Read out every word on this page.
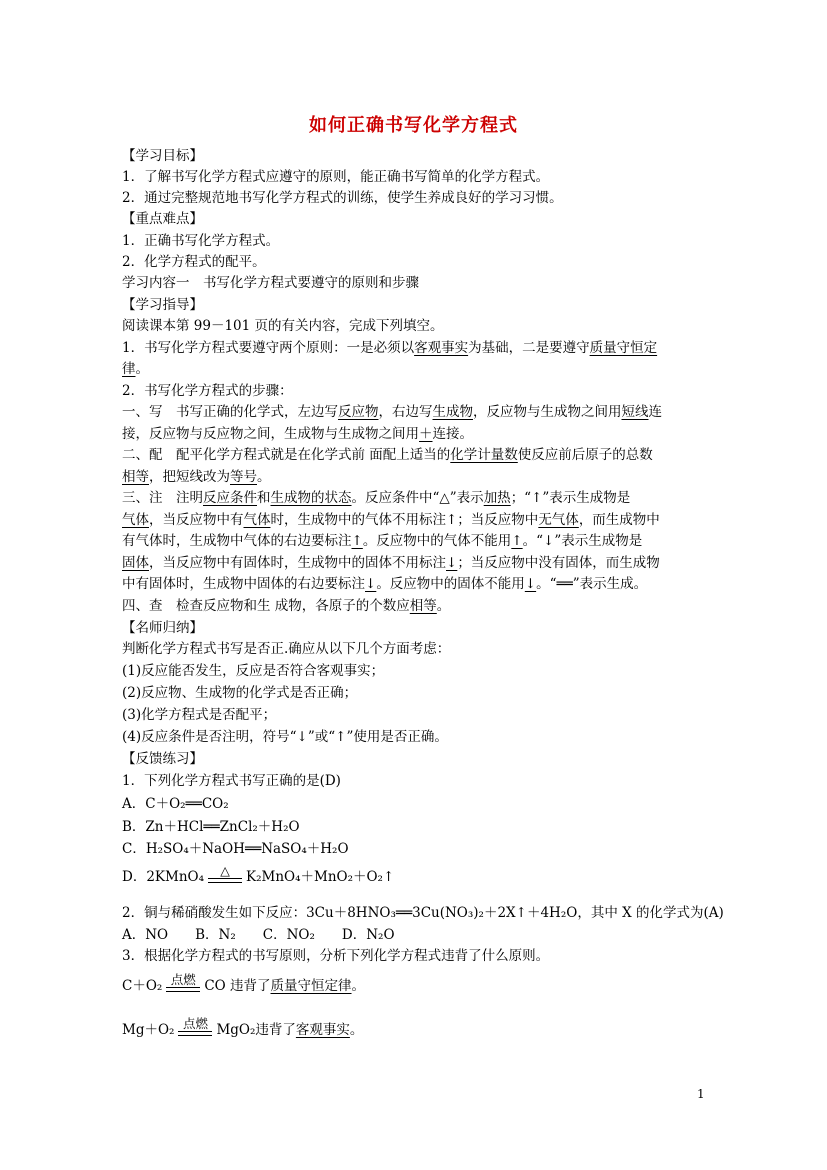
如何正确书写化学方程式
【学习目标】
1．了解书写化学方程式应遵守的原则，能正确书写简单的化学方程式。
2．通过完整规范地书写化学方程式的训练，使学生养成良好的学习习惯。
【重点难点】
1．正确书写化学方程式。
2．化学方程式的配平。
学习内容一　书写化学方程式要遵守的原则和步骤
【学习指导】
阅读课本第 99－101 页的有关内容，完成下列填空。
1．书写化学方程式要遵守两个原则：一是必须以客观事实为基础，二是要遵守质量守恒定
律。
2．书写化学方程式的步骤：
一、写　书写正确的化学式，左边写反应物，右边写生成物，反应物与生成物之间用短线连
接，反应物与反应物之间，生成物与生成物之间用＋连接。
二、配　配平化学方程式就是在化学式前 面配上适当的化学计量数使反应前后原子的总数
相等，把短线改为等号。
三、注　注明反应条件和生成物的状态。反应条件中“△”表示加热；“↑”表示生成物是
气体，当反应物中有气体时，生成物中的气体不用标注↑；当反应物中无气体，而生成物中
有气体时，生成物中气体的右边要标注↑。反应物中的气体不能用↑。“↓”表示生成物是
固体，当反应物中有固体时，生成物中的固体不用标注↓；当反应物中没有固体，而生成物
中有固体时，生成物中固体的右边要标注↓。反应物中的固体不能用↓。“══”表示生成。
四、查　检查反应物和生 成物，各原子的个数应相等。
【名师归纳】
判断化学方程式书写是否正.确应从以下几个方面考虑：
(1)反应能否发生，反应是否符合客观事实；
(2)反应物、生成物的化学式是否正确；
(3)化学方程式是否配平；
(4)反应条件是否注明，符号“↓”或“↑”使用是否正确。
【反馈练习】
1．下列化学方程式书写正确的是(D)
A．C＋O₂══CO₂
B．Zn＋HCl══ZnCl₂＋H₂O
C．H₂SO₄＋NaOH══NaSO₄＋H₂O
D．2KMnO₄	△	K₂MnO₄＋MnO₂＋O₂↑
2．铜与稀硝酸发生如下反应：3Cu＋8HNO₃══3Cu(NO₃)₂＋2X↑＋4H₂O，其中 X 的化学式为(A)
A．NO　　B．N₂　　C．NO₂　　D．N₂O
3．根据化学方程式的书写原则，分析下列化学方程式违背了什么原则。
C＋O₂ 点燃 CO 违背了质量守恒定律。
Mg＋O₂ 点燃 MgO₂违背了客观事实。
1
